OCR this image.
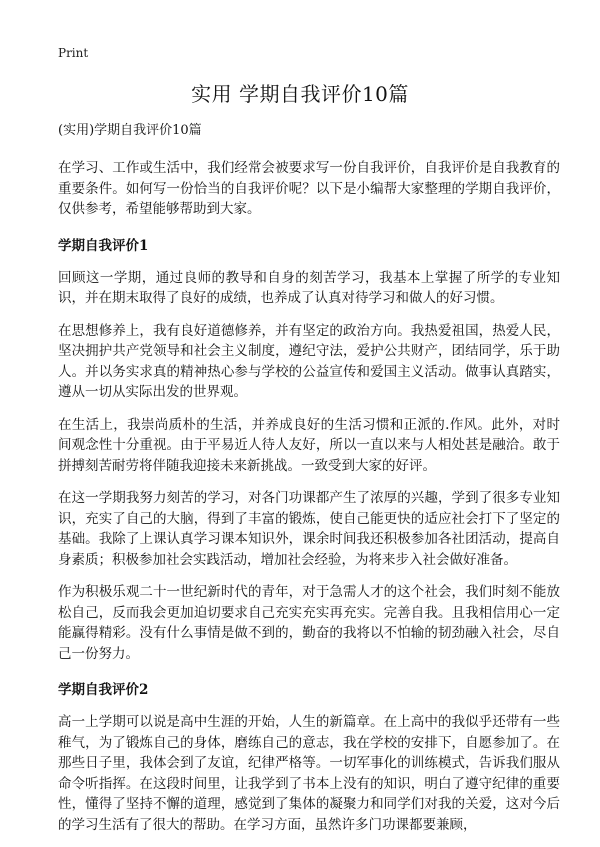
Print
实用 学期自我评价10篇
(实用)学期自我评价10篇

在学习、工作或生活中，我们经常会被要求写一份自我评价，自我评价是自我教育的重要条件。如何写一份恰当的自我评价呢？以下是小编帮大家整理的学期自我评价，仅供参考，希望能够帮助到大家。

学期自我评价1

回顾这一学期，通过良师的教导和自身的刻苦学习，我基本上掌握了所学的专业知识，并在期末取得了良好的成绩，也养成了认真对待学习和做人的好习惯。

在思想修养上，我有良好道德修养，并有坚定的政治方向。我热爱祖国，热爱人民，坚决拥护共产党领导和社会主义制度，遵纪守法，爱护公共财产，团结同学，乐于助人。并以务实求真的精神热心参与学校的公益宣传和爱国主义活动。做事认真踏实，遵从一切从实际出发的世界观。

在生活上，我崇尚质朴的生活，并养成良好的生活习惯和正派的.作风。此外，对时间观念性十分重视。由于平易近人待人友好，所以一直以来与人相处甚是融洽。敢于拼搏刻苦耐劳将伴随我迎接未来新挑战。一致受到大家的好评。

在这一学期我努力刻苦的学习，对各门功课都产生了浓厚的兴趣，学到了很多专业知识，充实了自己的大脑，得到了丰富的锻炼，使自己能更快的适应社会打下了坚定的基础。我除了上课认真学习课本知识外，课余时间我还积极参加各社团活动，提高自身素质；积极参加社会实践活动，增加社会经验，为将来步入社会做好准备。

作为积极乐观二十一世纪新时代的青年，对于急需人才的这个社会，我们时刻不能放松自己，反而我会更加迫切要求自己充实充实再充实。完善自我。且我相信用心一定能赢得精彩。没有什么事情是做不到的，勤奋的我将以不怕输的韧劲融入社会，尽自己一份努力。

学期自我评价2

高一上学期可以说是高中生涯的开始，人生的新篇章。在上高中的我似乎还带有一些稚气，为了锻炼自己的身体，磨练自己的意志，我在学校的安排下，自愿参加了。在那些日子里，我体会到了友谊，纪律严格等。一切军事化的训练模式，告诉我们服从命令听指挥。在这段时间里，让我学到了书本上没有的知识，明白了遵守纪律的重要性，懂得了坚持不懈的道理，感觉到了集体的凝聚力和同学们对我的关爱，这对今后的学习生活有了很大的帮助。在学习方面，虽然许多门功课都要兼顾，
